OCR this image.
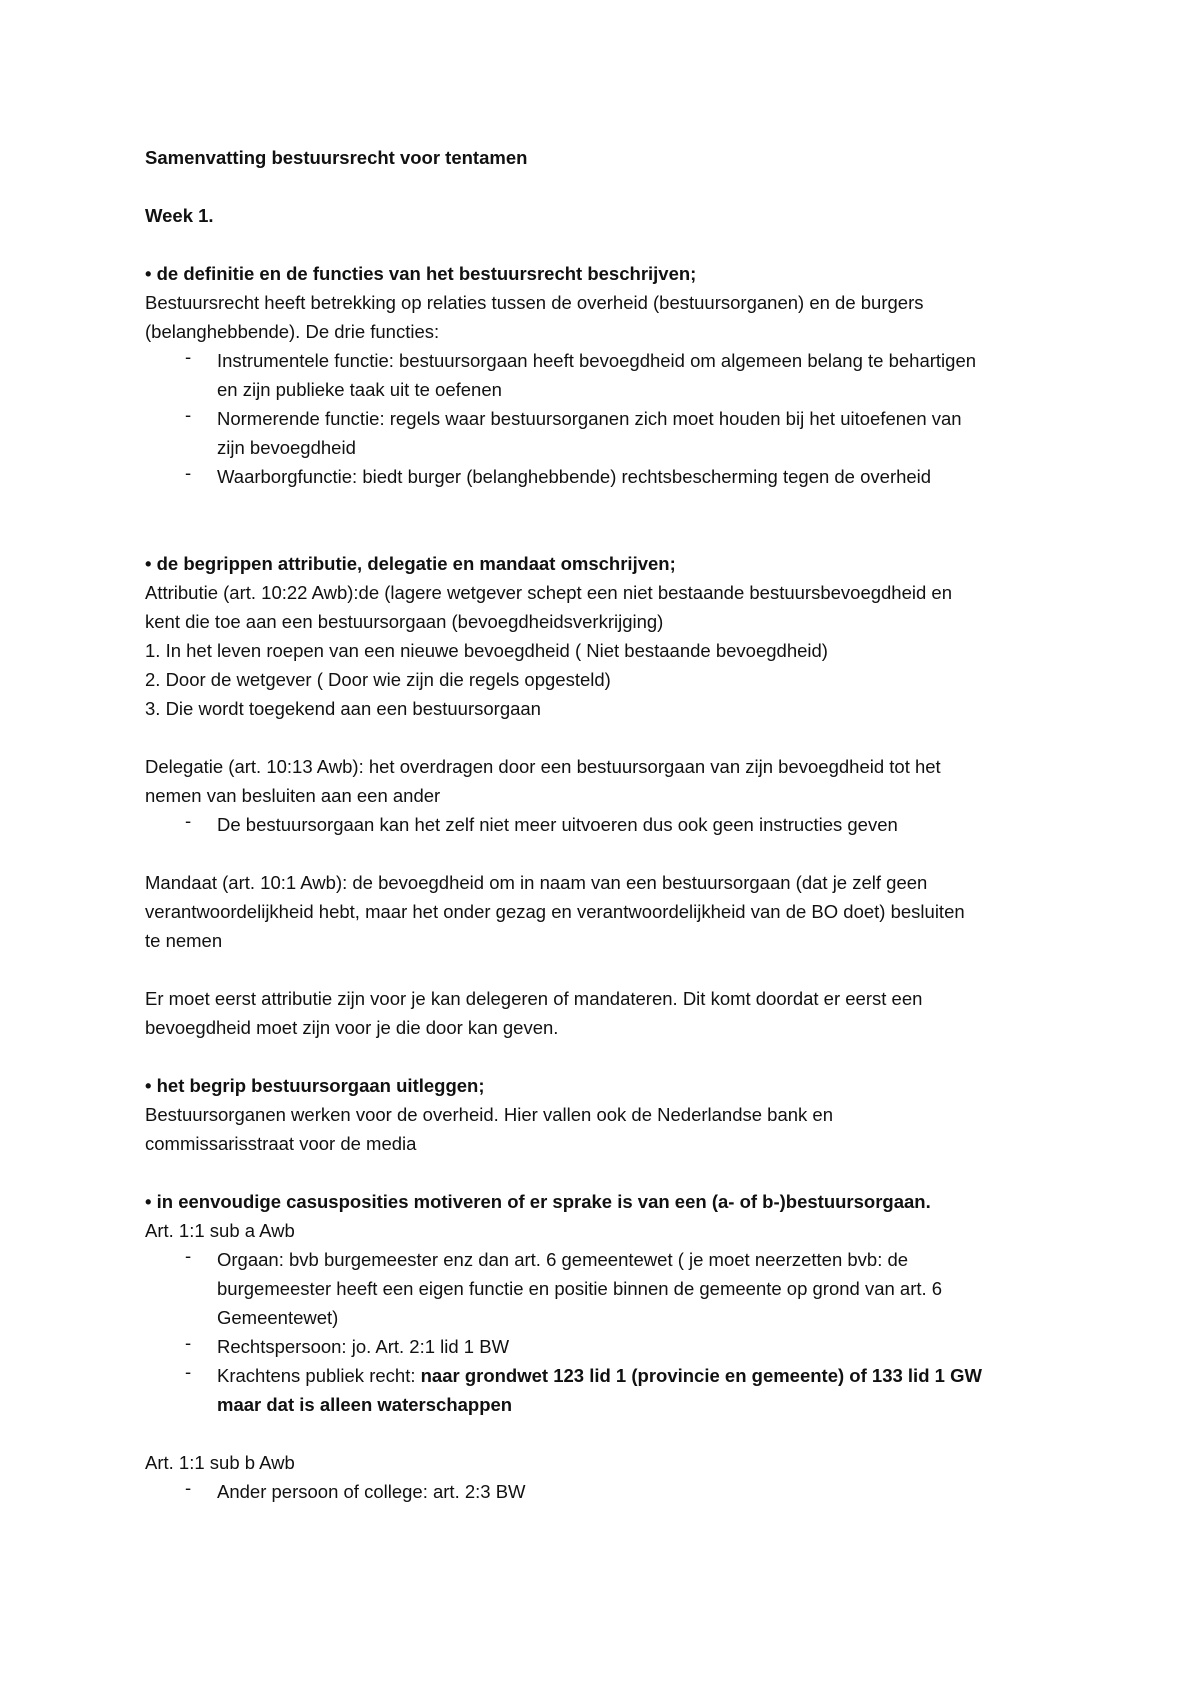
Samenvatting bestuursrecht voor tentamen
Week 1.
• de definitie en de functies van het bestuursrecht beschrijven;
Bestuursrecht heeft betrekking op relaties tussen de overheid (bestuursorganen) en de burgers
(belanghebbende). De drie functies:
- Instrumentele functie: bestuursorgaan heeft bevoegdheid om algemeen belang te behartigen
en zijn publieke taak uit te oefenen
- Normerende functie: regels waar bestuursorganen zich moet houden bij het uitoefenen van
zijn bevoegdheid
- Waarborgfunctie: biedt burger (belanghebbende) rechtsbescherming tegen de overheid
• de begrippen attributie, delegatie en mandaat omschrijven;
Attributie (art. 10:22 Awb):de (lagere wetgever schept een niet bestaande bestuursbevoegdheid en
kent die toe aan een bestuursorgaan (bevoegdheidsverkrijging)
1. In het leven roepen van een nieuwe bevoegdheid ( Niet bestaande bevoegdheid)
2. Door de wetgever ( Door wie zijn die regels opgesteld)
3. Die wordt toegekend aan een bestuursorgaan
Delegatie (art. 10:13 Awb): het overdragen door een bestuursorgaan van zijn bevoegdheid tot het
nemen van besluiten aan een ander
- De bestuursorgaan kan het zelf niet meer uitvoeren dus ook geen instructies geven
Mandaat (art. 10:1 Awb): de bevoegdheid om in naam van een bestuursorgaan (dat je zelf geen
verantwoordelijkheid hebt, maar het onder gezag en verantwoordelijkheid van de BO doet) besluiten
te nemen
Er moet eerst attributie zijn voor je kan delegeren of mandateren. Dit komt doordat er eerst een
bevoegdheid moet zijn voor je die door kan geven.
• het begrip bestuursorgaan uitleggen;
Bestuursorganen werken voor de overheid. Hier vallen ook de Nederlandse bank en
commissarisstraat voor de media
• in eenvoudige casusposities motiveren of er sprake is van een (a- of b-)bestuursorgaan.
Art. 1:1 sub a Awb
- Orgaan: bvb burgemeester enz dan art. 6 gemeentewet ( je moet neerzetten bvb: de
burgemeester heeft een eigen functie en positie binnen de gemeente op grond van art. 6
Gemeentewet)
- Rechtspersoon: jo. Art. 2:1 lid 1 BW
- Krachtens publiek recht: naar grondwet 123 lid 1 (provincie en gemeente) of 133 lid 1 GW
maar dat is alleen waterschappen
Art. 1:1 sub b Awb
- Ander persoon of college: art. 2:3 BW
